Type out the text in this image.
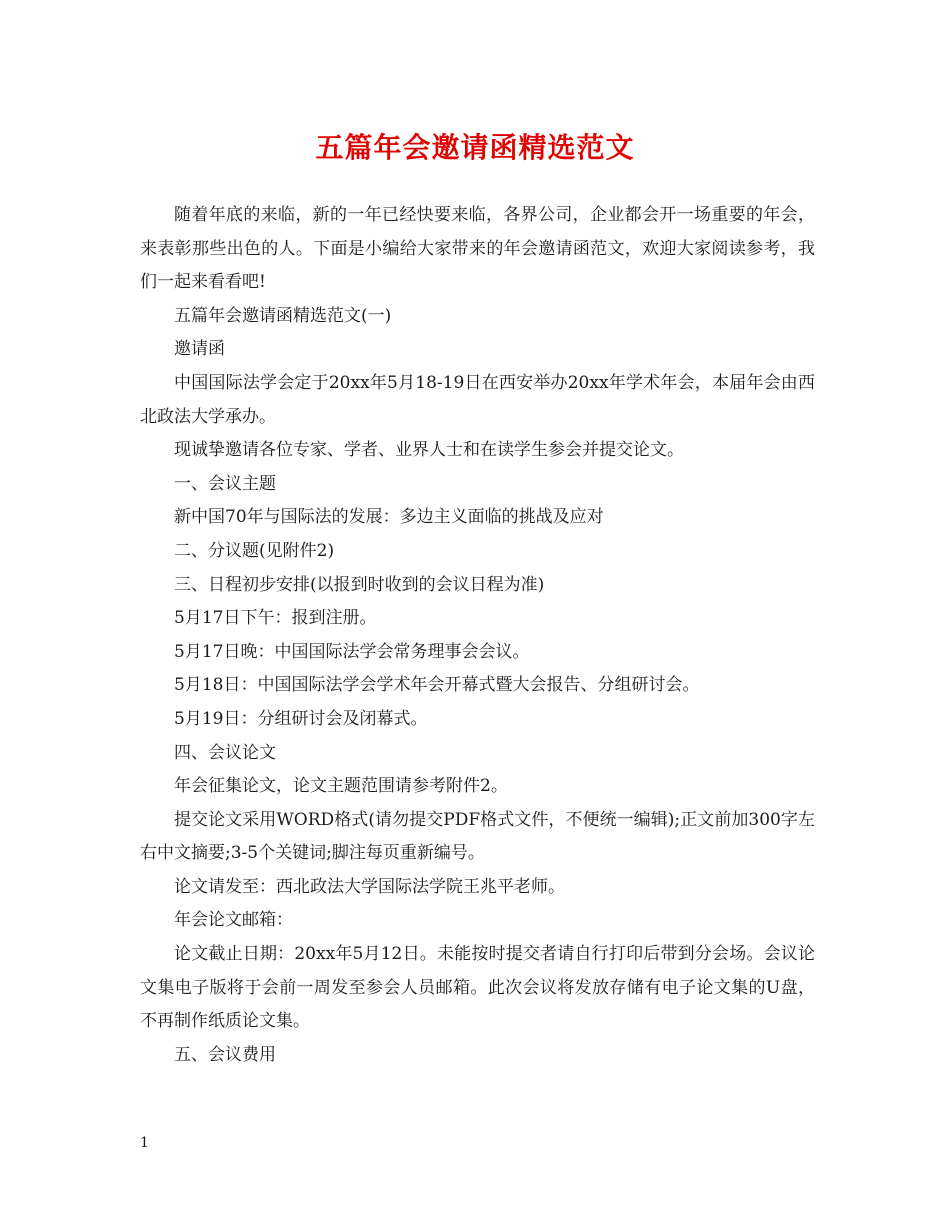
五篇年会邀请函精选范文

随着年底的来临，新的一年已经快要来临，各界公司，企业都会开一场重要的年会，来表彰那些出色的人。下面是小编给大家带来的年会邀请函范文，欢迎大家阅读参考，我们一起来看看吧!

五篇年会邀请函精选范文(一)

邀请函

中国国际法学会定于20xx年5月18-19日在西安举办20xx年学术年会，本届年会由西北政法大学承办。

现诚挚邀请各位专家、学者、业界人士和在读学生参会并提交论文。

一、会议主题

新中国70年与国际法的发展：多边主义面临的挑战及应对

二、分议题(见附件2)

三、日程初步安排(以报到时收到的会议日程为准)

5月17日下午：报到注册。

5月17日晚：中国国际法学会常务理事会会议。

5月18日：中国国际法学会学术年会开幕式暨大会报告、分组研讨会。

5月19日：分组研讨会及闭幕式。

四、会议论文

年会征集论文，论文主题范围请参考附件2。

提交论文采用WORD格式(请勿提交PDF格式文件，不便统一编辑);正文前加300字左右中文摘要;3-5个关键词;脚注每页重新编号。

论文请发至：西北政法大学国际法学院王兆平老师。

年会论文邮箱：

论文截止日期：20xx年5月12日。未能按时提交者请自行打印后带到分会场。会议论文集电子版将于会前一周发至参会人员邮箱。此次会议将发放存储有电子论文集的U盘，不再制作纸质论文集。

五、会议费用

1
